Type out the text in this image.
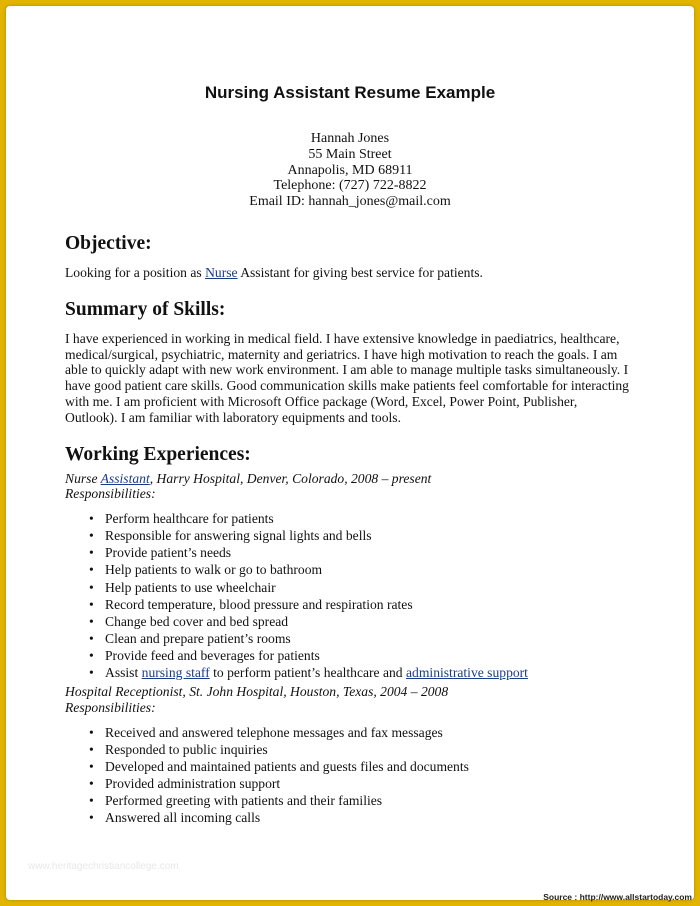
Nursing Assistant Resume Example
Hannah Jones
55 Main Street
Annapolis, MD 68911
Telephone: (727) 722-8822
Email ID: hannah_jones@mail.com
Objective:

Looking for a position as Nurse Assistant for giving best service for patients.

Summary of Skills:

I have experienced in working in medical field. I have extensive knowledge in paediatrics, healthcare,
medical/surgical, psychiatric, maternity and geriatrics. I have high motivation to reach the goals. I am
able to quickly adapt with new work environment. I am able to manage multiple tasks simultaneously. I
have good patient care skills. Good communication skills make patients feel comfortable for interacting
with me. I am proficient with Microsoft Office package (Word, Excel, Power Point, Publisher,
Outlook). I am familiar with laboratory equipments and tools.

Working Experiences:

Nurse Assistant, Harry Hospital, Denver, Colorado, 2008 – present

Responsibilities:

• Perform healthcare for patients
• Responsible for answering signal lights and bells
• Provide patient’s needs
• Help patients to walk or go to bathroom
• Help patients to use wheelchair
• Record temperature, blood pressure and respiration rates
• Change bed cover and bed spread
• Clean and prepare patient’s rooms
• Provide feed and beverages for patients
• Assist nursing staff to perform patient’s healthcare and administrative support

Hospital Receptionist, St. John Hospital, Houston, Texas, 2004 – 2008

Responsibilities:

• Received and answered telephone messages and fax messages
• Responded to public inquiries
• Developed and maintained patients and guests files and documents
• Provided administration support
• Performed greeting with patients and their families
• Answered all incoming calls
www.heritagechristiancollege.com
Source : http://www.allstartoday.com
